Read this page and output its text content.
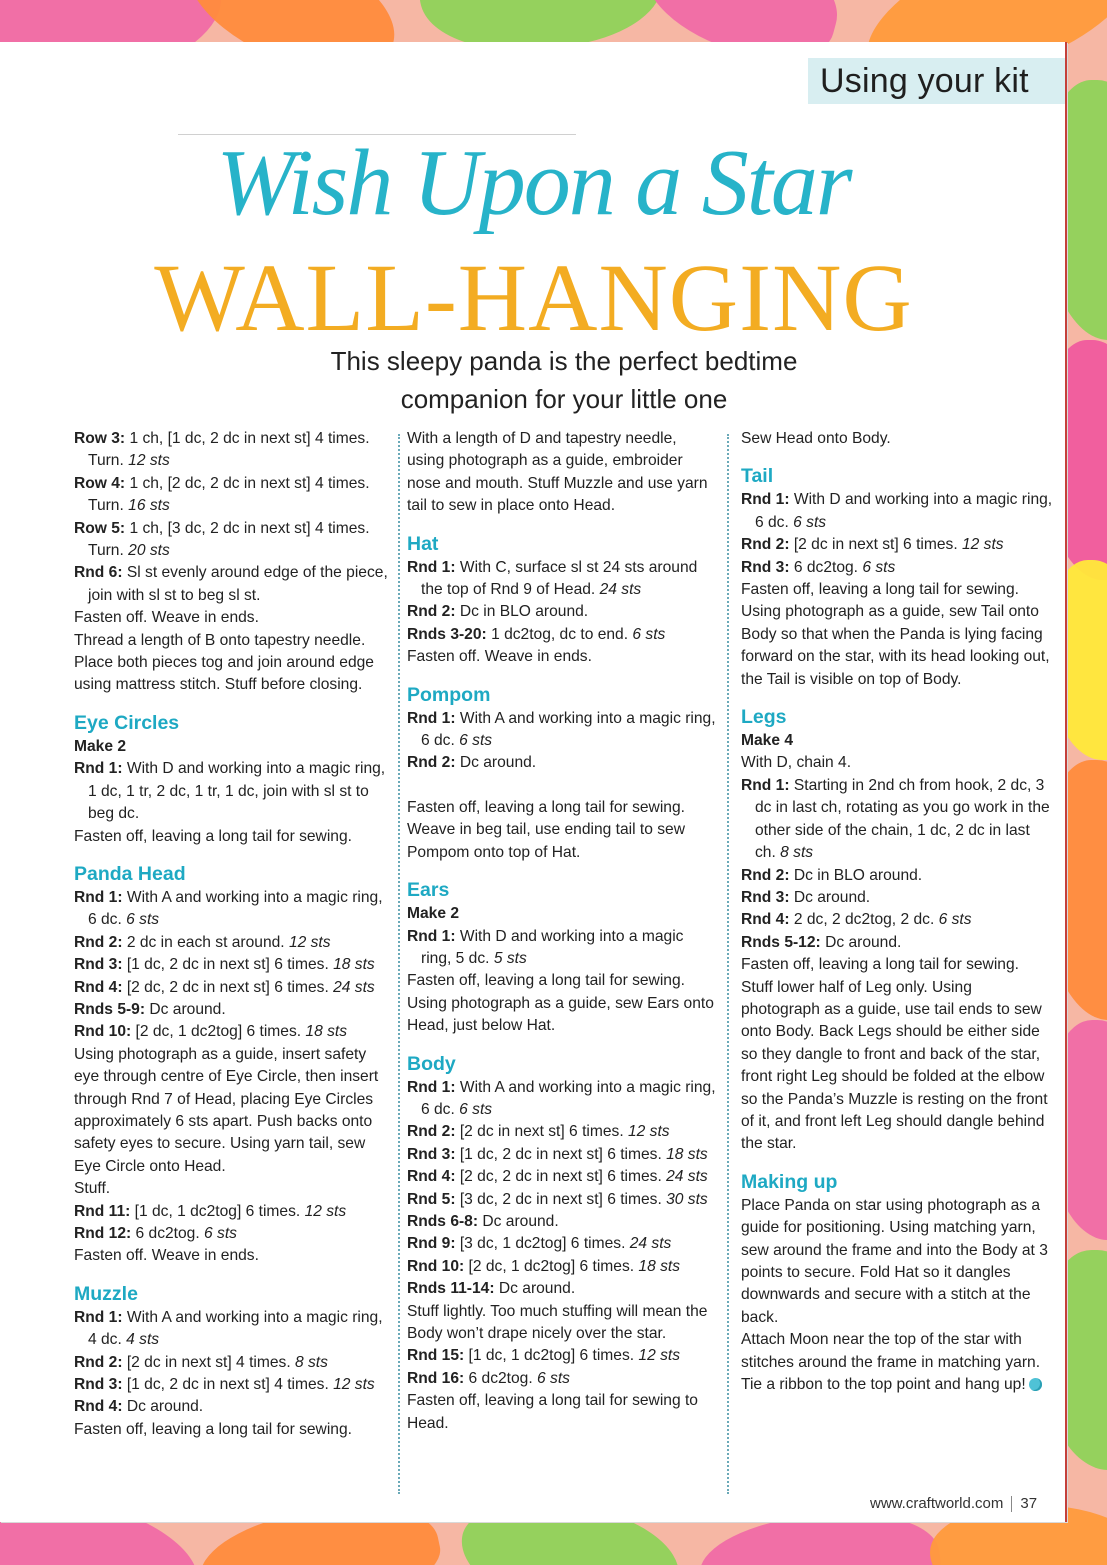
Using your kit
Wish Upon a Star
WALL-HANGING
This sleepy panda is the perfect bedtime
companion for your little one
Row 3: 1 ch, [1 dc, 2 dc in next st] 4 times. Turn. 12 sts
Row 4: 1 ch, [2 dc, 2 dc in next st] 4 times. Turn. 16 sts
Row 5: 1 ch, [3 dc, 2 dc in next st] 4 times. Turn. 20 sts
Rnd 6: Sl st evenly around edge of the piece, join with sl st to beg sl st.
Fasten off. Weave in ends.
Thread a length of B onto tapestry needle. Place both pieces tog and join around edge using mattress stitch. Stuff before closing.
Eye Circles
Make 2
Rnd 1: With D and working into a magic ring, 1 dc, 1 tr, 2 dc, 1 tr, 1 dc, join with sl st to beg dc.
Fasten off, leaving a long tail for sewing.
Panda Head
Rnd 1: With A and working into a magic ring, 6 dc. 6 sts
Rnd 2: 2 dc in each st around. 12 sts
Rnd 3: [1 dc, 2 dc in next st] 6 times. 18 sts
Rnd 4: [2 dc, 2 dc in next st] 6 times. 24 sts
Rnds 5-9: Dc around.
Rnd 10: [2 dc, 1 dc2tog] 6 times. 18 sts
Using photograph as a guide, insert safety eye through centre of Eye Circle, then insert through Rnd 7 of Head, placing Eye Circles approximately 6 sts apart. Push backs onto safety eyes to secure. Using yarn tail, sew Eye Circle onto Head.
Stuff.
Rnd 11: [1 dc, 1 dc2tog] 6 times. 12 sts
Rnd 12: 6 dc2tog. 6 sts
Fasten off. Weave in ends.
Muzzle
Rnd 1: With A and working into a magic ring, 4 dc. 4 sts
Rnd 2: [2 dc in next st] 4 times. 8 sts
Rnd 3: [1 dc, 2 dc in next st] 4 times. 12 sts
Rnd 4: Dc around.
Fasten off, leaving a long tail for sewing.
With a length of D and tapestry needle, using photograph as a guide, embroider nose and mouth. Stuff Muzzle and use yarn tail to sew in place onto Head.
Hat
Rnd 1: With C, surface sl st 24 sts around the top of Rnd 9 of Head. 24 sts
Rnd 2: Dc in BLO around.
Rnds 3-20: 1 dc2tog, dc to end. 6 sts
Fasten off. Weave in ends.
Pompom
Rnd 1: With A and working into a magic ring, 6 dc. 6 sts
Rnd 2: Dc around.
Fasten off, leaving a long tail for sewing. Weave in beg tail, use ending tail to sew Pompom onto top of Hat.
Ears
Make 2
Rnd 1: With D and working into a magic ring, 5 dc. 5 sts
Fasten off, leaving a long tail for sewing. Using photograph as a guide, sew Ears onto Head, just below Hat.
Body
Rnd 1: With A and working into a magic ring, 6 dc. 6 sts
Rnd 2: [2 dc in next st] 6 times. 12 sts
Rnd 3: [1 dc, 2 dc in next st] 6 times. 18 sts
Rnd 4: [2 dc, 2 dc in next st] 6 times. 24 sts
Rnd 5: [3 dc, 2 dc in next st] 6 times. 30 sts
Rnds 6-8: Dc around.
Rnd 9: [3 dc, 1 dc2tog] 6 times. 24 sts
Rnd 10: [2 dc, 1 dc2tog] 6 times. 18 sts
Rnds 11-14: Dc around.
Stuff lightly. Too much stuffing will mean the Body won’t drape nicely over the star.
Rnd 15: [1 dc, 1 dc2tog] 6 times. 12 sts
Rnd 16: 6 dc2tog. 6 sts
Fasten off, leaving a long tail for sewing to Head.
Sew Head onto Body.
Tail
Rnd 1: With D and working into a magic ring, 6 dc. 6 sts
Rnd 2: [2 dc in next st] 6 times. 12 sts
Rnd 3: 6 dc2tog. 6 sts
Fasten off, leaving a long tail for sewing. Using photograph as a guide, sew Tail onto Body so that when the Panda is lying facing forward on the star, with its head looking out, the Tail is visible on top of Body.
Legs
Make 4
With D, chain 4.
Rnd 1: Starting in 2nd ch from hook, 2 dc, 3 dc in last ch, rotating as you go work in the other side of the chain, 1 dc, 2 dc in last ch. 8 sts
Rnd 2: Dc in BLO around.
Rnd 3: Dc around.
Rnd 4: 2 dc, 2 dc2tog, 2 dc. 6 sts
Rnds 5-12: Dc around.
Fasten off, leaving a long tail for sewing. Stuff lower half of Leg only. Using photograph as a guide, use tail ends to sew onto Body. Back Legs should be either side so they dangle to front and back of the star, front right Leg should be folded at the elbow so the Panda’s Muzzle is resting on the front of it, and front left Leg should dangle behind the star.
Making up
Place Panda on star using photograph as a guide for positioning. Using matching yarn, sew around the frame and into the Body at 3 points to secure. Fold Hat so it dangles downwards and secure with a stitch at the back.
Attach Moon near the top of the star with stitches around the frame in matching yarn. Tie a ribbon to the top point and hang up!
www.craftworld.com 37
